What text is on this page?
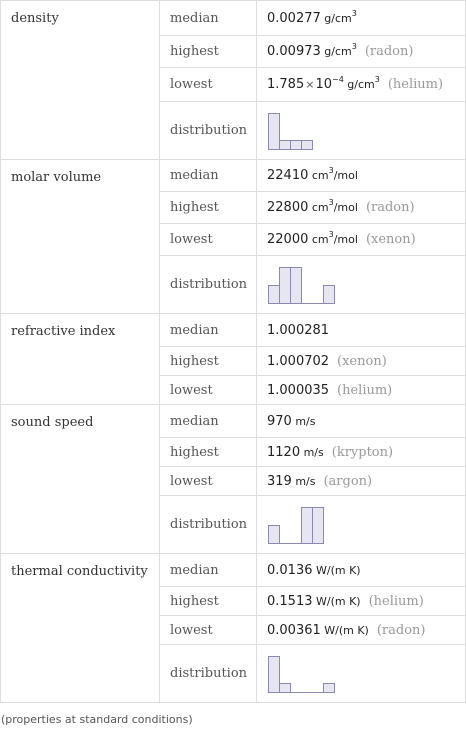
density	median	0.00277 $g/cm^3$
	highest	0.00973 $g/cm^3$ (radon)
	lowest	$1.785\times 10^{-4}$ $g/cm^3$ (helium)
	distribution	

molar volume	median	22410 $cm^3$/mol
	highest	22800 $cm^3$/mol (radon)
	lowest	22000 $cm^3$/mol (xenon)
	distribution	

refractive index	median	1.000281
	highest	1.000702 (xenon)
	lowest	1.000035 (helium)
sound speed	median	970 m/s
	highest	1120 m/s (krypton)
	lowest	319 m/s (argon)
	distribution	

thermal conductivity	median	0.0136 W/(m K)
	highest	0.1513 W/(m K) (helium)
	lowest	0.00361 W/(m K) (radon)
	distribution	
(properties at standard conditions)
